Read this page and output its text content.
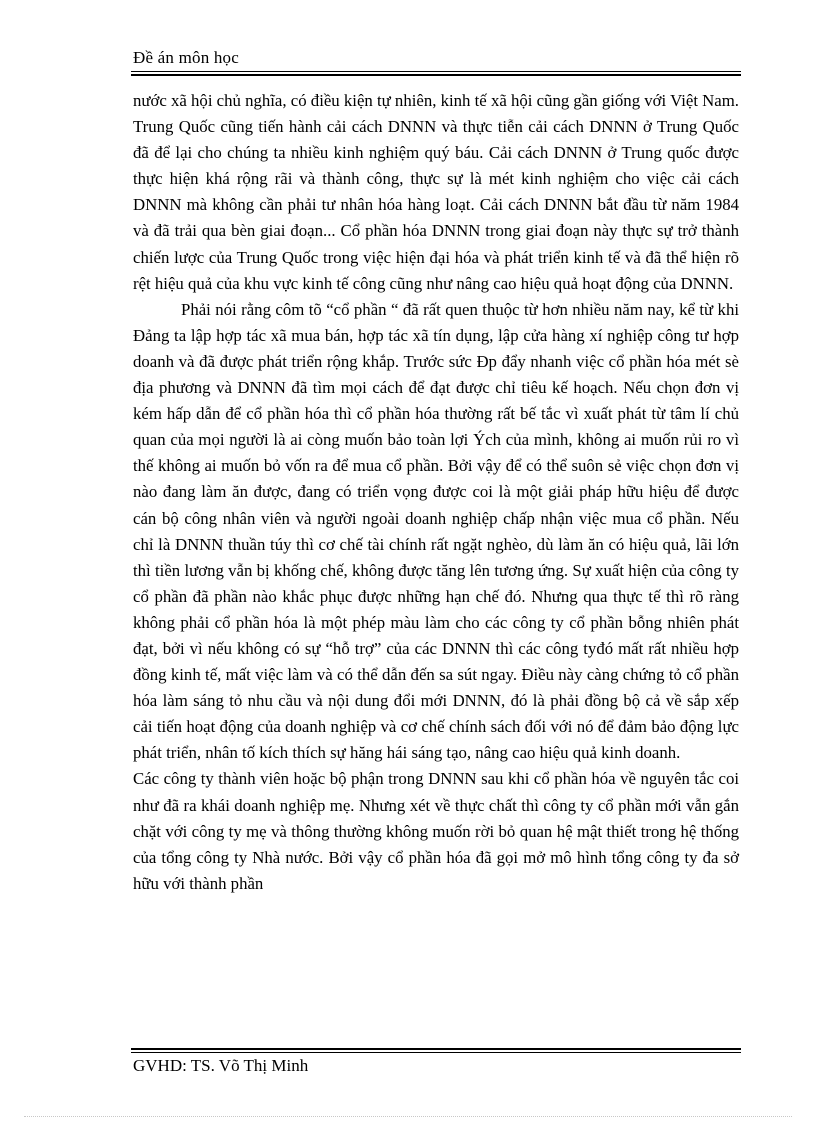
Đề án môn học

nước xã hội chủ nghĩa, có điều kiện tự nhiên, kinh tế xã hội cũng gần giống với Việt Nam. Trung Quốc cũng tiến hành cải cách DNNN và thực tiễn cải cách DNNN ở Trung Quốc đã để lại cho chúng ta nhiều kinh nghiệm quý báu. Cải cách DNNN ở Trung quốc được thực hiện khá rộng rãi và thành công, thực sự là mét kinh nghiệm cho việc cải cách DNNN mà không cần phải tư nhân hóa hàng loạt. Cải cách DNNN bắt đầu từ năm 1984 và đã trải qua bèn giai đoạn... Cổ phần hóa DNNN trong giai đoạn này thực sự trở thành chiến lược của Trung Quốc trong việc hiện đại hóa và phát triển kinh tế và đã thể hiện rõ rệt hiệu quả của khu vực kinh tế công cũng như nâng cao hiệu quả hoạt động của DNNN.

Phải nói rằng côm tõ “cổ phần “ đã rất quen thuộc từ hơn nhiều năm nay, kể từ khi Đảng ta lập hợp tác xã mua bán, hợp tác xã tín dụng, lập cửa hàng xí nghiệp công tư hợp doanh và đã được phát triển rộng khắp. Trước sức Ðp đẩy nhanh việc cổ phần hóa mét sè địa phương và DNNN đã tìm mọi cách để đạt được chỉ tiêu kế hoạch. Nếu chọn đơn vị kém hấp dẫn để cổ phần hóa thì cổ phần hóa thường rất bế tắc vì xuất phát từ tâm lí chủ quan của mọi người là ai còng muốn bảo toàn lợi Ých của mình, không ai muốn rủi ro vì thế không ai muốn bỏ vốn ra để mua cổ phần. Bởi vậy để có thể suôn sẻ việc chọn đơn vị nào đang làm ăn được, đang có triển vọng được coi là một giải pháp hữu hiệu để được cán bộ công nhân viên và người ngoài doanh nghiệp chấp nhận việc mua cổ phần. Nếu chỉ là DNNN thuần túy thì cơ chế tài chính rất ngặt nghèo, dù làm ăn có hiệu quả, lãi lớn thì tiền lương vẫn bị khống chế, không được tăng lên tương ứng. Sự xuất hiện của công ty cổ phần đã phần nào khắc phục được những hạn chế đó. Nhưng qua thực tế thì rõ ràng không phải cổ phần hóa là một phép màu làm cho các công ty cổ phần bỗng nhiên phát đạt, bởi vì nếu không có sự “hỗ trợ” của các DNNN thì các công tyđó mất rất nhiều hợp đồng kinh tế, mất việc làm và có thể dẫn đến sa sút ngay. Điều này càng chứng tỏ cổ phần hóa làm sáng tỏ nhu cầu và nội dung đổi mới DNNN, đó là phải đồng bộ cả về sắp xếp cải tiến hoạt động của doanh nghiệp và cơ chế chính sách đối với nó để đảm bảo động lực phát triển, nhân tố kích thích sự hăng hái sáng tạo, nâng cao hiệu quả kinh doanh.

Các công ty thành viên hoặc bộ phận trong DNNN sau khi cổ phần hóa về nguyên tắc coi như đã ra khái doanh nghiệp mẹ. Nhưng xét về thực chất thì công ty cổ phần mới vẫn gắn chặt với công ty mẹ và thông thường không muốn rời bỏ quan hệ mật thiết trong hệ thống của tổng công ty Nhà nước. Bởi vậy cổ phần hóa đã gọi mở mô hình tổng công ty đa sở hữu với thành phần

GVHD: TS. Võ Thị Minh
